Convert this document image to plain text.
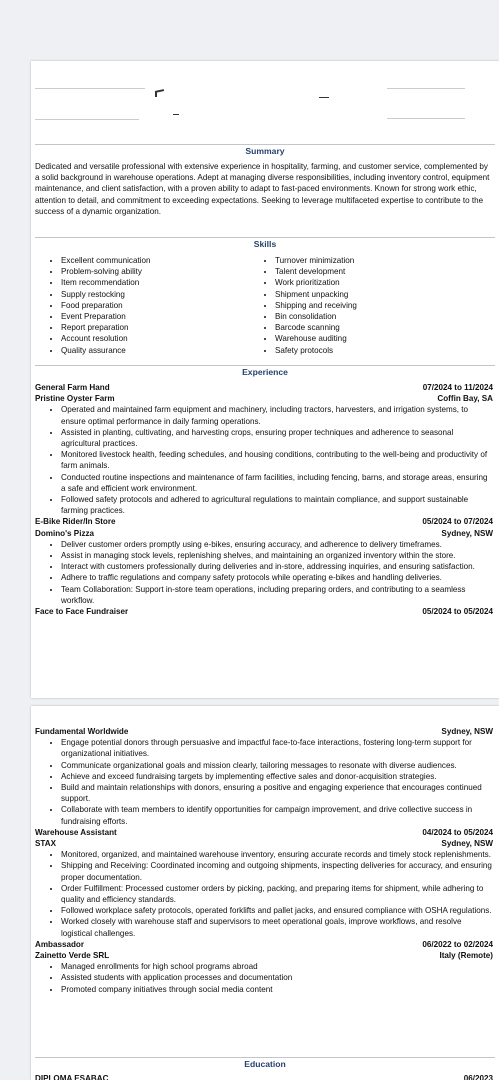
Summary
Dedicated and versatile professional with extensive experience in hospitality, farming, and customer service, complemented by a solid background in warehouse operations. Adept at managing diverse responsibilities, including inventory control, equipment maintenance, and client satisfaction, with a proven ability to adapt to fast-paced environments. Known for strong work ethic, attention to detail, and commitment to exceeding expectations. Seeking to leverage multifaceted expertise to contribute to the success of a dynamic organization.
Skills
• Excellent communication
• Problem-solving ability
• Item recommendation
• Supply restocking
• Food preparation
• Event Preparation
• Report preparation
• Account resolution
• Quality assurance
• Turnover minimization
• Talent development
• Work prioritization
• Shipment unpacking
• Shipping and receiving
• Bin consolidation
• Barcode scanning
• Warehouse auditing
• Safety protocols
Experience
General Farm Hand	07/2024 to 11/2024
Pristine Oyster Farm	Coffin Bay, SA
• Operated and maintained farm equipment and machinery, including tractors, harvesters, and irrigation systems, to ensure optimal performance in daily farming operations.
• Assisted in planting, cultivating, and harvesting crops, ensuring proper techniques and adherence to seasonal agricultural practices.
• Monitored livestock health, feeding schedules, and housing conditions, contributing to the well-being and productivity of farm animals.
• Conducted routine inspections and maintenance of farm facilities, including fencing, barns, and storage areas, ensuring a safe and efficient work environment.
• Followed safety protocols and adhered to agricultural regulations to maintain compliance, and support sustainable farming practices.
E-Bike Rider/In Store	05/2024 to 07/2024
Domino's Pizza	Sydney, NSW
• Deliver customer orders promptly using e-bikes, ensuring accuracy, and adherence to delivery timeframes.
• Assist in managing stock levels, replenishing shelves, and maintaining an organized inventory within the store.
• Interact with customers professionally during deliveries and in-store, addressing inquiries, and ensuring satisfaction.
• Adhere to traffic regulations and company safety protocols while operating e-bikes and handling deliveries.
• Team Collaboration: Support in-store team operations, including preparing orders, and contributing to a seamless workflow.
Face to Face Fundraiser	05/2024 to 05/2024
Fundamental Worldwide	Sydney, NSW
• Engage potential donors through persuasive and impactful face-to-face interactions, fostering long-term support for organizational initiatives.
• Communicate organizational goals and mission clearly, tailoring messages to resonate with diverse audiences.
• Achieve and exceed fundraising targets by implementing effective sales and donor-acquisition strategies.
• Build and maintain relationships with donors, ensuring a positive and engaging experience that encourages continued support.
• Collaborate with team members to identify opportunities for campaign improvement, and drive collective success in fundraising efforts.
Warehouse Assistant	04/2024 to 05/2024
STAX	Sydney, NSW
• Monitored, organized, and maintained warehouse inventory, ensuring accurate records and timely stock replenishments.
• Shipping and Receiving: Coordinated incoming and outgoing shipments, inspecting deliveries for accuracy, and ensuring proper documentation.
• Order Fulfillment: Processed customer orders by picking, packing, and preparing items for shipment, while adhering to quality and efficiency standards.
• Followed workplace safety protocols, operated forklifts and pallet jacks, and ensured compliance with OSHA regulations.
• Worked closely with warehouse staff and supervisors to meet operational goals, improve workflows, and resolve logistical challenges.
Ambassador	06/2022 to 02/2024
Zainetto Verde SRL	Italy (Remote)
• Managed enrollments for high school programs abroad
• Assisted students with application processes and documentation
• Promoted company initiatives through social media content
Education
DIPLOMA ESABAC	06/2023
